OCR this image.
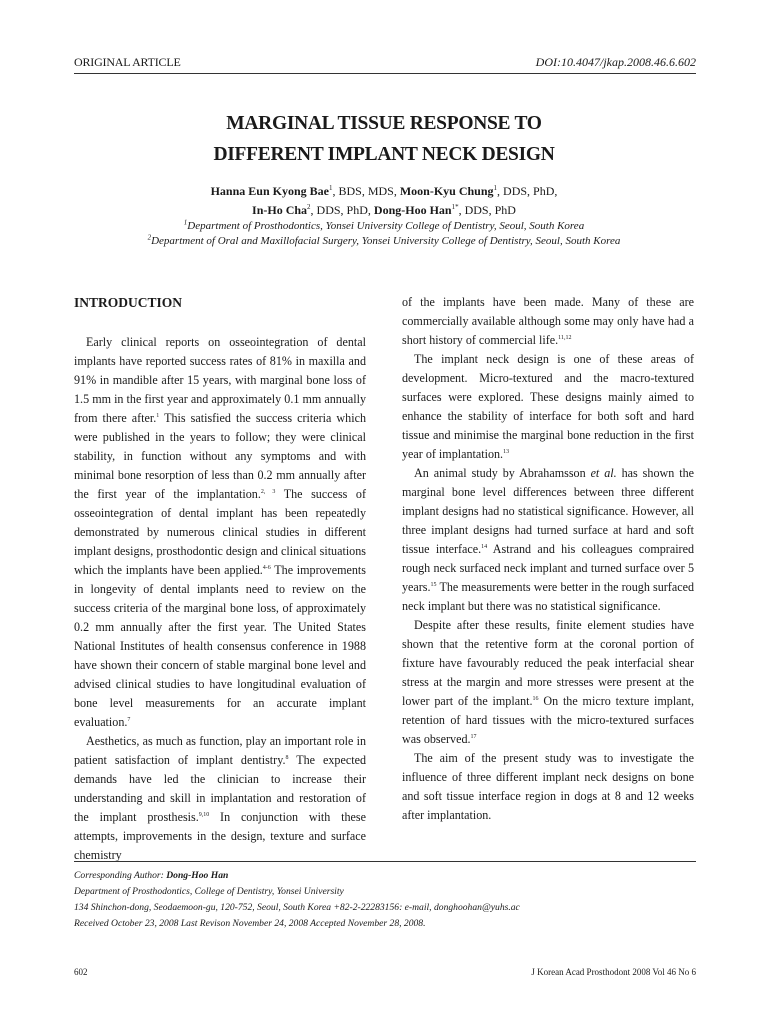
ORIGINAL ARTICLE	DOI:10.4047/jkap.2008.46.6.602
MARGINAL TISSUE RESPONSE TO
DIFFERENT IMPLANT NECK DESIGN
Hanna Eun Kyong Bae$^1$, BDS, MDS, Moon-Kyu Chung$^1$, DDS, PhD,
In-Ho Cha$^2$, DDS, PhD, Dong-Hoo Han$^{1*}$, DDS, PhD
$^1$Department of Prosthodontics, Yonsei University College of Dentistry, Seoul, South Korea
$^2$Department of Oral and Maxillofacial Surgery, Yonsei University College of Dentistry, Seoul, South Korea
INTRODUCTION

Early clinical reports on osseointegration of dental implants have reported success rates of 81% in maxilla and 91% in mandible after 15 years, with marginal bone loss of 1.5 mm in the first year and approximately 0.1 mm annually from there after.$^1$ This satisfied the success criteria which were published in the years to follow; they were clinical stability, in function without any symptoms and with minimal bone resorption of less than 0.2 mm annually after the first year of the implantation.$^{2, 3}$ The success of osseointegration of dental implant has been repeatedly demonstrated by numerous clinical studies in different implant designs, prosthodontic design and clinical situations which the implants have been applied.$^{4-6}$ The improvements in longevity of dental implants need to review on the success criteria of the marginal bone loss, of approximately 0.2 mm annually after the first year. The United States National Institutes of health consensus conference in 1988 have shown their concern of stable marginal bone level and advised clinical studies to have longitudinal evaluation of bone level measurements for an accurate implant evaluation.$^7$

Aesthetics, as much as function, play an important role in patient satisfaction of implant dentistry.$^8$ The expected demands have led the clinician to increase their understanding and skill in implantation and restoration of the implant prosthesis.$^{9,10}$ In conjunction with these attempts, improvements in the design, texture and surface chemistry

of the implants have been made. Many of these are commercially available although some may only have had a short history of commercial life.$^{11,12}$

The implant neck design is one of these areas of development. Micro-textured and the macro-textured surfaces were explored. These designs mainly aimed to enhance the stability of interface for both soft and hard tissue and minimise the marginal bone reduction in the first year of implantation.$^{13}$

An animal study by Abrahamsson et al. has shown the marginal bone level differences between three different implant designs had no statistical significance. However, all three implant designs had turned surface at hard and soft tissue interface.$^{14}$ Astrand and his colleagues compraired rough neck surfaced neck implant and turned surface over 5 years.$^{15}$ The measurements were better in the rough surfaced neck implant but there was no statistical significance.

Despite after these results, finite element studies have shown that the retentive form at the coronal portion of fixture have favourably reduced the peak interfacial shear stress at the margin and more stresses were present at the lower part of the implant.$^{16}$ On the micro texture implant, retention of hard tissues with the micro-textured surfaces was observed.$^{17}$

The aim of the present study was to investigate the influence of three different implant neck designs on bone and soft tissue interface region in dogs at 8 and 12 weeks after implantation.

Corresponding Author: Dong-Hoo Han
Department of Prosthodontics, College of Dentistry, Yonsei University
134 Shinchon-dong, Seodaemoon-gu, 120-752, Seoul, South Korea +82-2-22283156: e-mail, donghoohan@yuhs.ac
Received October 23, 2008 Last Revison November 24, 2008 Accepted November 28, 2008.
602	J Korean Acad Prosthodont 2008 Vol 46 No 6
